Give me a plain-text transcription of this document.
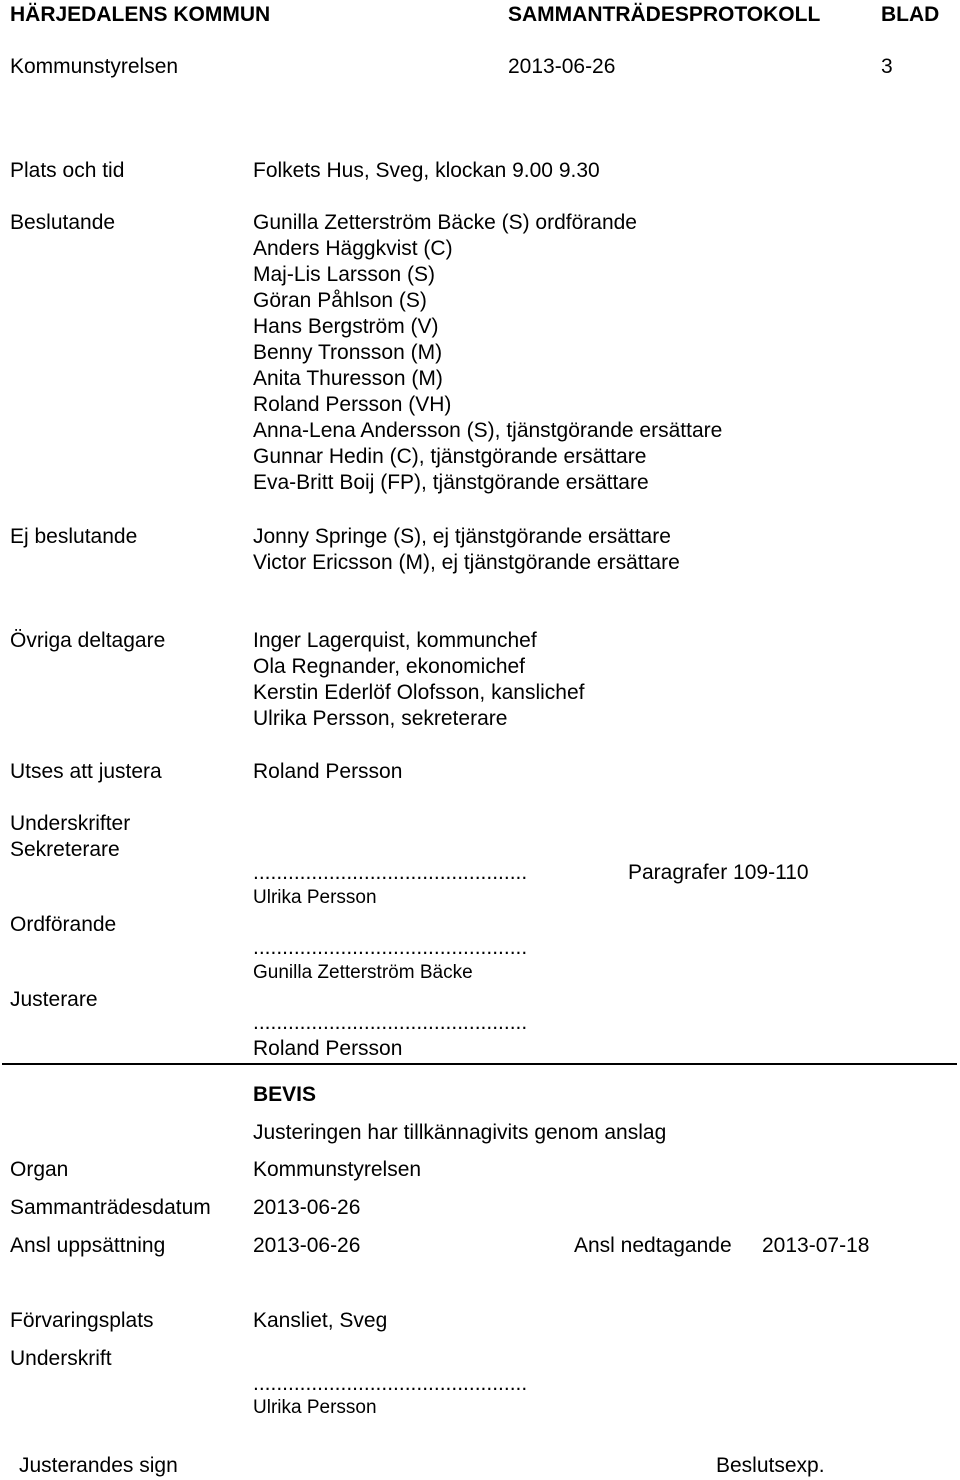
HÄRJEDALENS KOMMUN	SAMMANTRÄDESPROTOKOLL	BLAD
Kommunstyrelsen	2013-06-26	3
Plats och tid	Folkets Hus, Sveg, klockan 9.00 9.30
Beslutande	Gunilla Zetterström Bäcke (S) ordförande
Anders Häggkvist (C)
Maj-Lis Larsson (S)
Göran Påhlson (S)
Hans Bergström (V)
Benny Tronsson (M)
Anita Thuresson (M)
Roland Persson (VH)
Anna-Lena Andersson (S), tjänstgörande ersättare
Gunnar Hedin (C), tjänstgörande ersättare
Eva-Britt Boij (FP), tjänstgörande ersättare
Ej beslutande	Jonny Springe (S), ej tjänstgörande ersättare
Victor Ericsson (M), ej tjänstgörande ersättare
Övriga deltagare	Inger Lagerquist, kommunchef
Ola Regnander, ekonomichef
Kerstin Ederlöf Olofsson, kanslichef
Ulrika Persson, sekreterare
Utses att justera	Roland Persson
Underskrifter
Sekreterare
...............................................	Paragrafer 109-110
Ulrika Persson
Ordförande
...............................................
Gunilla Zetterström Bäcke
Justerare
...............................................
Roland Persson
BEVIS
Justeringen har tillkännagivits genom anslag
Organ	Kommunstyrelsen
Sammanträdesdatum 2013-06-26
Ansl uppsättning	2013-06-26	Ansl nedtagande 2013-07-18
Förvaringsplats	Kansliet, Sveg
Underskrift
...............................................
Ulrika Persson
Justerandes sign	Beslutsexp.
